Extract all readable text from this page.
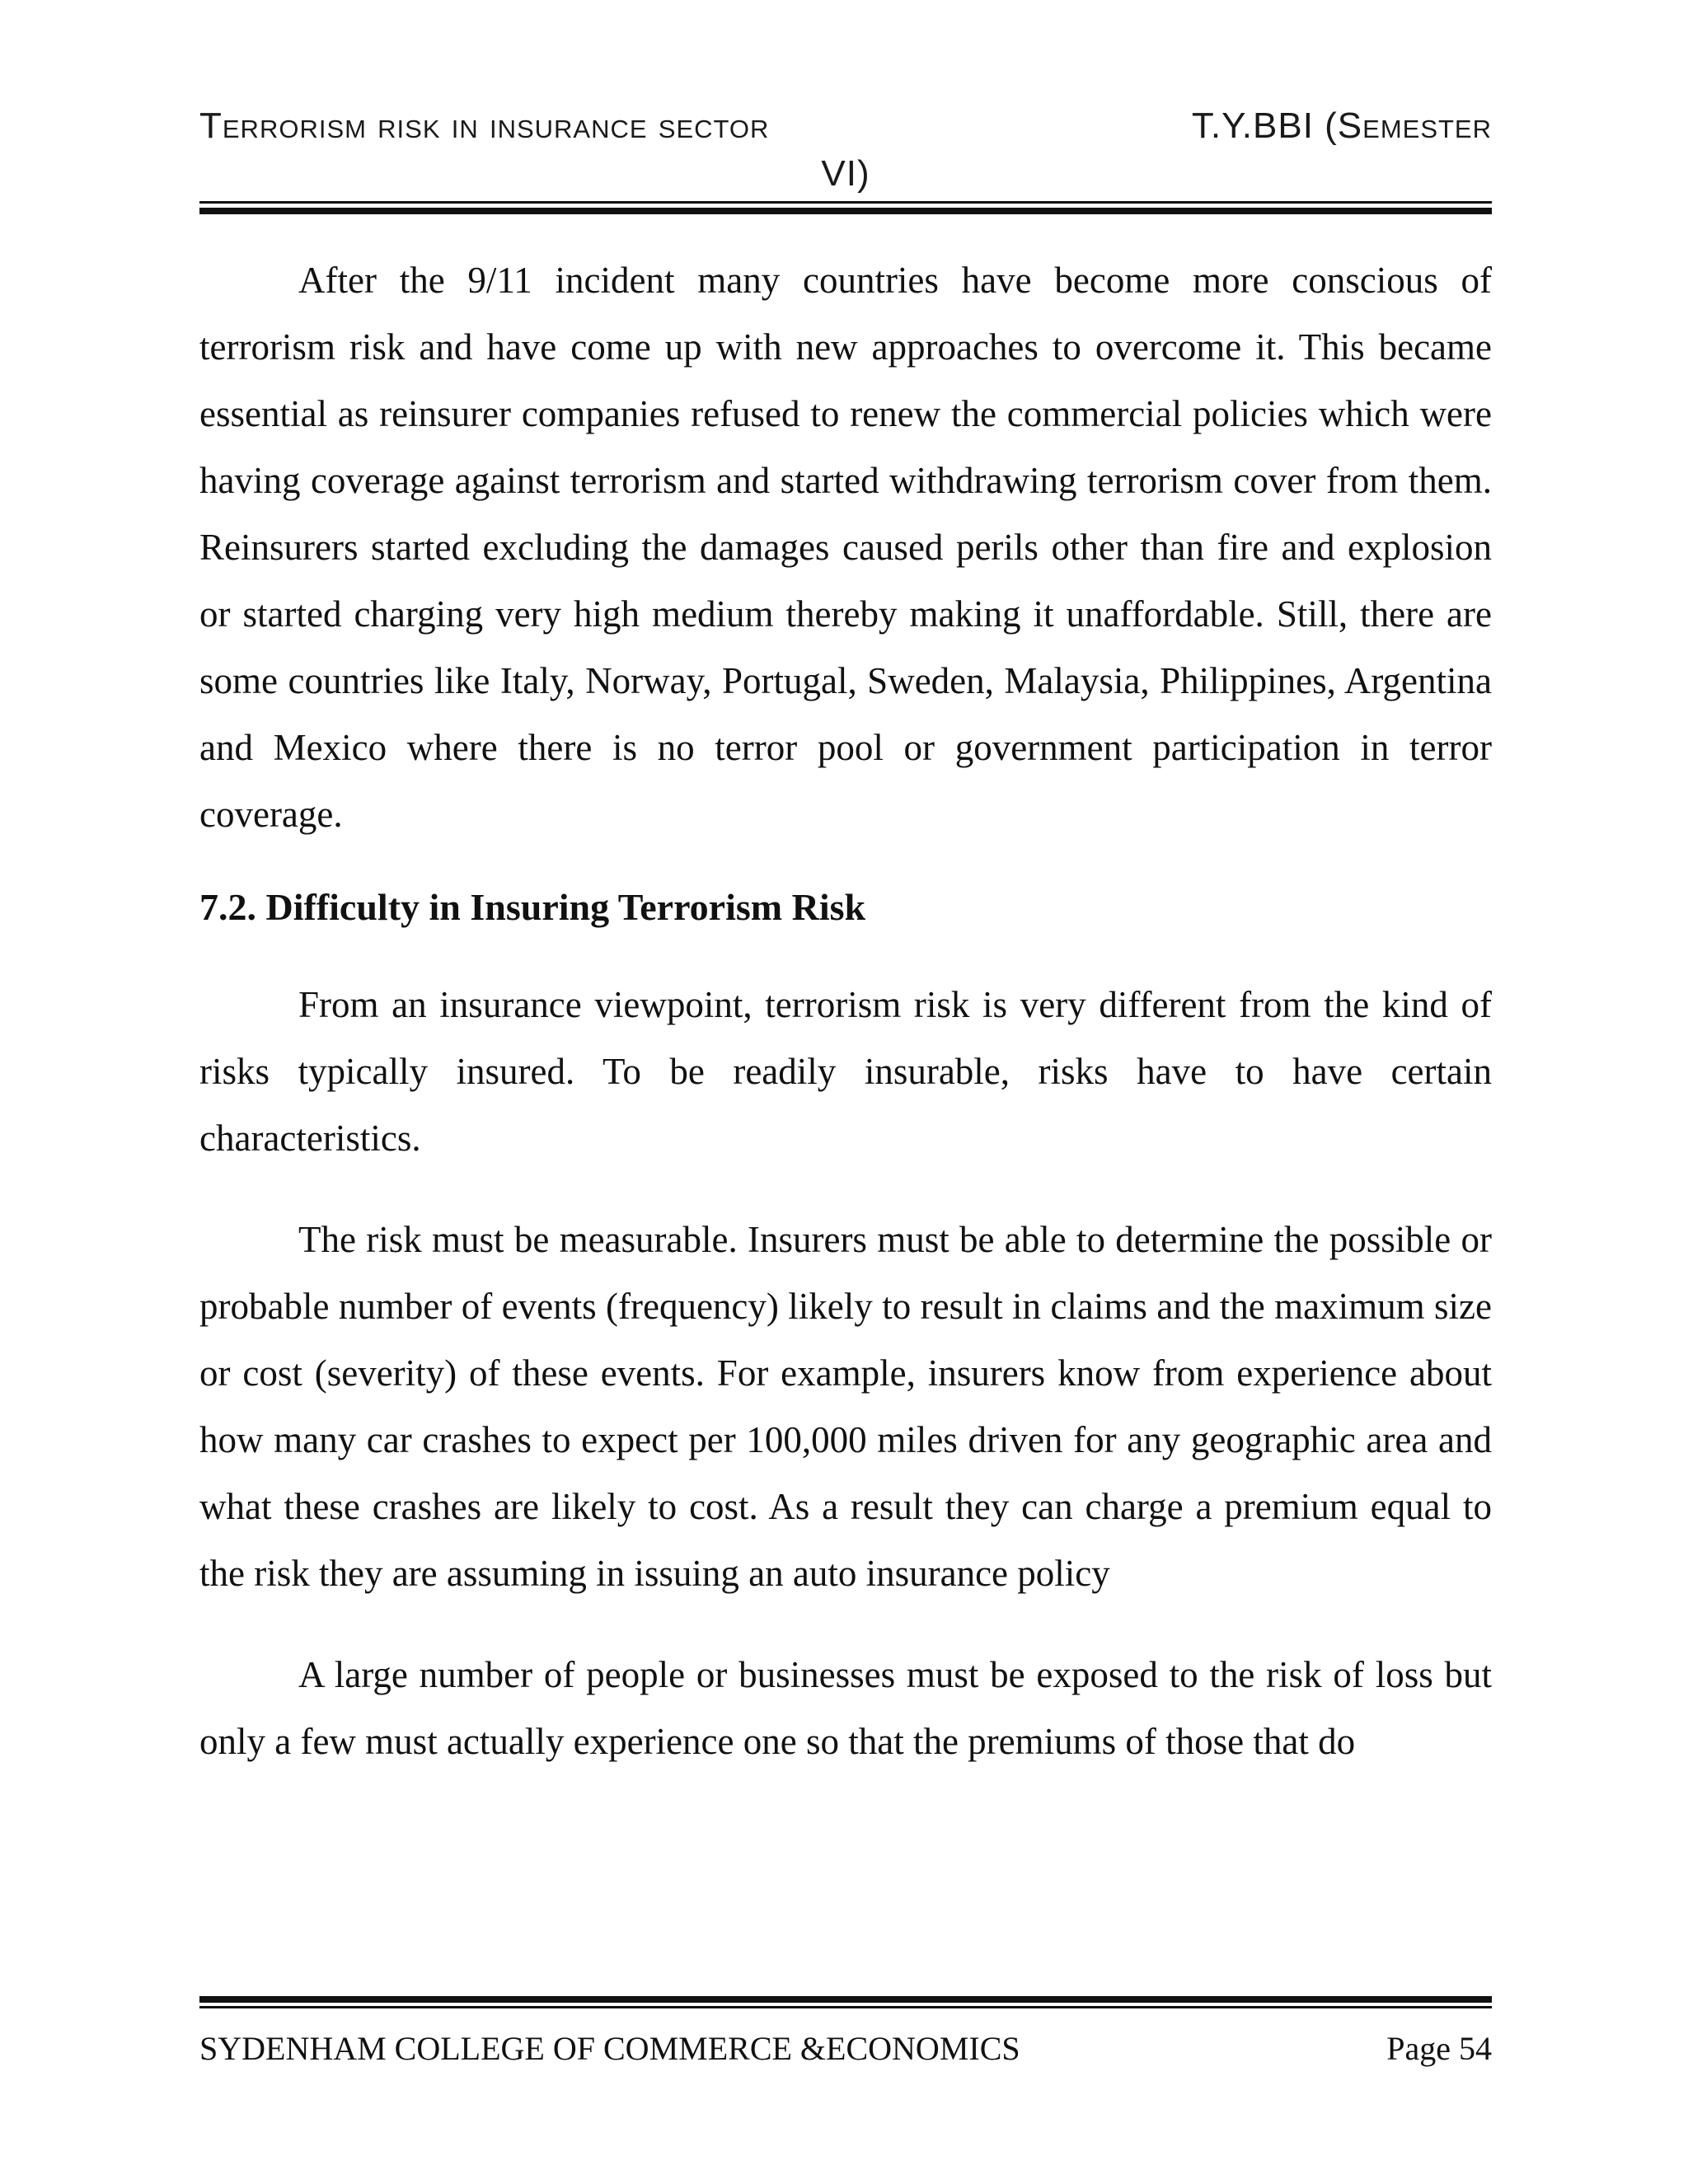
Terrorism risk in insurance sector	T.Y.BBI (Semester
VI)

After the 9/11 incident many countries have become more conscious of terrorism risk and have come up with new approaches to overcome it. This became essential as reinsurer companies refused to renew the commercial policies which were having coverage against terrorism and started withdrawing terrorism cover from them. Reinsurers started excluding the damages caused perils other than fire and explosion or started charging very high medium thereby making it unaffordable. Still, there are some countries like Italy, Norway, Portugal, Sweden, Malaysia, Philippines, Argentina and Mexico where there is no terror pool or government participation in terror coverage.

7.2. Difficulty in Insuring Terrorism Risk

From an insurance viewpoint, terrorism risk is very different from the kind of risks typically insured. To be readily insurable, risks have to have certain characteristics.

The risk must be measurable. Insurers must be able to determine the possible or probable number of events (frequency) likely to result in claims and the maximum size or cost (severity) of these events. For example, insurers know from experience about how many car crashes to expect per 100,000 miles driven for any geographic area and what these crashes are likely to cost. As a result they can charge a premium equal to the risk they are assuming in issuing an auto insurance policy

A large number of people or businesses must be exposed to the risk of loss but only a few must actually experience one so that the premiums of those that do

SYDENHAM COLLEGE OF COMMERCE &ECONOMICS	Page 54
